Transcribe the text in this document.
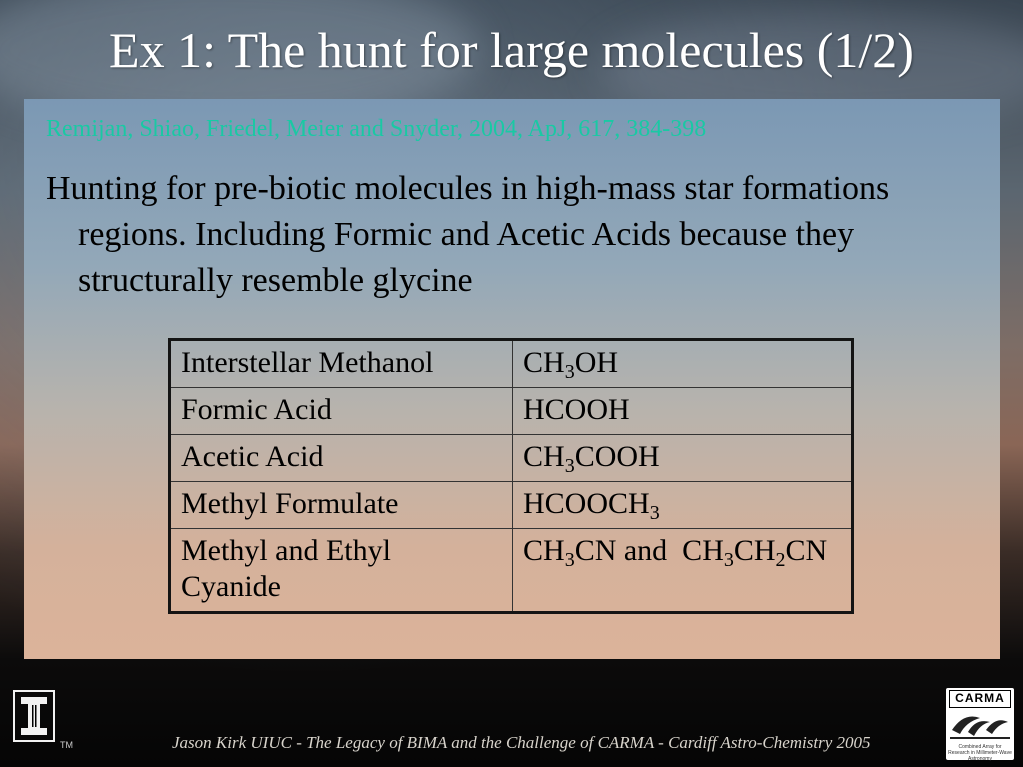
Ex 1: The hunt for large molecules (1/2)
Remijan, Shiao, Friedel, Meier and Snyder, 2004, ApJ, 617, 384-398

Hunting for pre-biotic molecules in high-mass star formations regions. Including Formic and Acetic Acids because they structurally resemble glycine

Interstellar Methanol	$CH_3OH$
Formic Acid	HCOOH
Acetic Acid	$CH_3COOH$
Methyl Formulate	$HCOOCH_3$
Methyl and Ethyl  Cyanide	$CH_3CN$ and  $CH_3CH_2CN$
TM	Jason Kirk UIUC - The Legacy of BIMA and the Challenge of CARMA - Cardiff Astro-Chemistry 2005
CARMA
Combined Array for Research in Millimeter-Wave Astronomy
